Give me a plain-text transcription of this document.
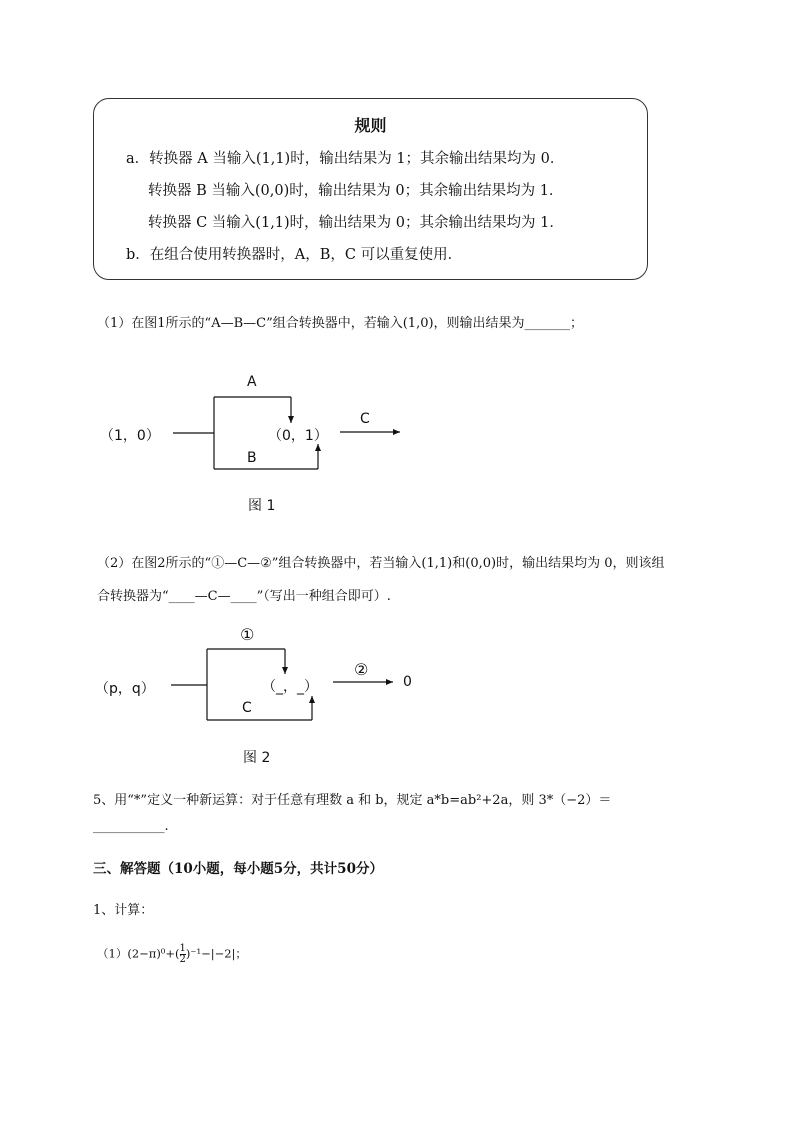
规则
a．转换器 A 当输入(1,1)时，输出结果为 1；其余输出结果均为 0．
转换器 B 当输入(0,0)时，输出结果为 0；其余输出结果均为 1．
转换器 C 当输入(1,1)时，输出结果为 0；其余输出结果均为 1．
b．在组合使用转换器时，A，B，C 可以重复使用．
（1）在图1所示的“A—B—C”组合转换器中，若输入(1,0)，则输出结果为_______；
（1，0）
A
B
（0，1）
C
图 1
（2）在图2所示的“①—C—②”组合转换器中，若当输入(1,1)和(0,0)时，输出结果均为 0，则该组
合转换器为“____—C—____”（写出一种组合即可）.
（p，q）
①
C
（_，_）
②
0
图 2
5、用“*”定义一种新运算：对于任意有理数 a 和 b，规定 a*b=ab²+2a，则 3*（−2）＝
___________.
三、解答题（10小题，每小题5分，共计50分）
1、计算：
$(1)(2-\pi)^0+( \frac{1}{2} )^{-1}-|-2|$；
